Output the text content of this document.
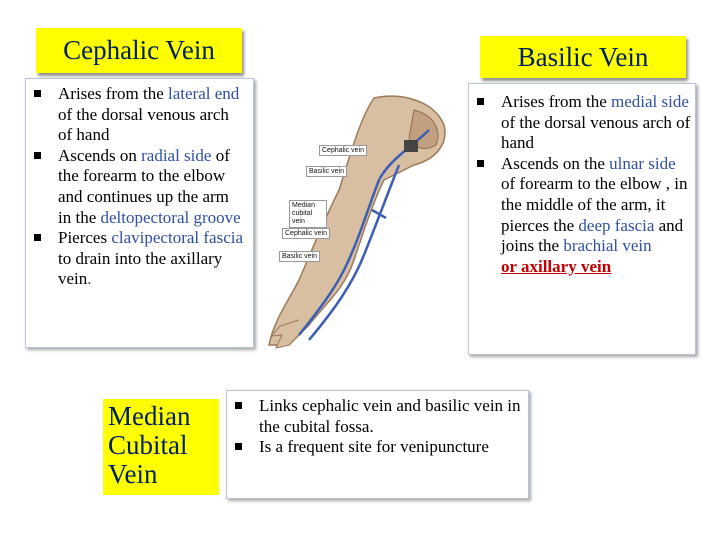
Cephalic Vein	Basilic Vein
Arises from the lateral end of the dorsal venous arch of hand
Ascends on radial side of the forearm to the elbow and continues up the arm in the deltopectoral groove
Pierces clavipectoral fascia to drain into the axillary vein.
Arises from the medial side of the dorsal venous arch of hand
Ascends on the ulnar side of forearm to the elbow , in the middle of the arm, it pierces the deep fascia and joins the brachial vein
or axillary vein
Cephalic vein
Basilic vein
Median cubital vein
Cephalic vein
Basilic vein
Median
Cubital
Vein
Links cephalic vein and basilic vein in the cubital fossa.
Is a frequent site for venipuncture
